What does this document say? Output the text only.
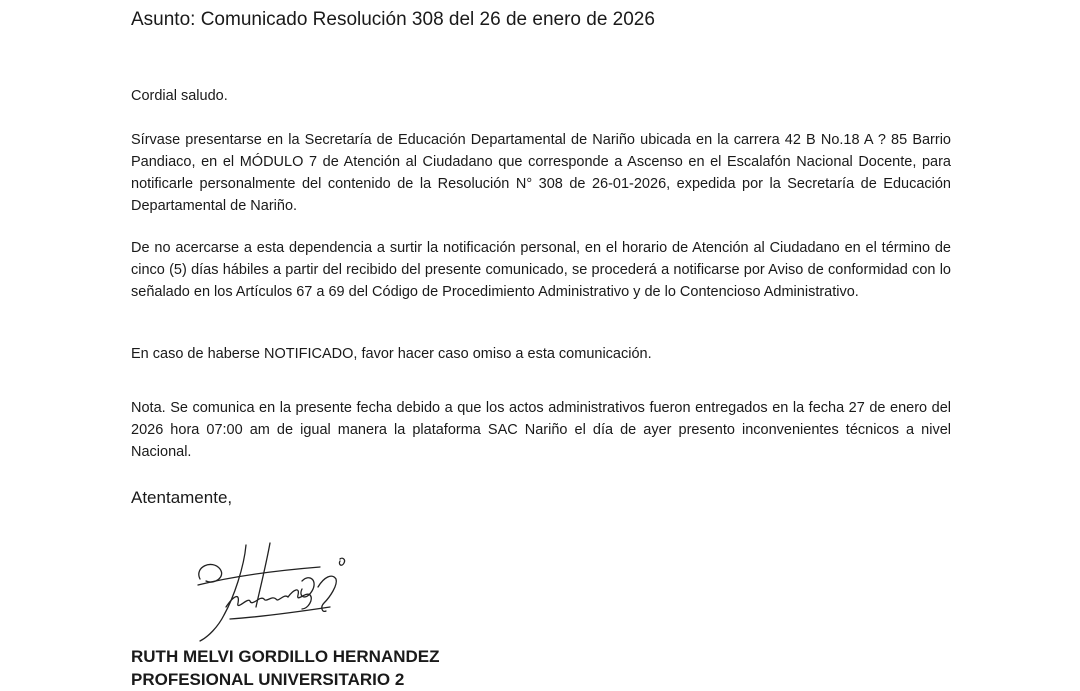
Asunto: Comunicado Resolución 308 del 26 de enero de 2026

Cordial saludo.

Sírvase presentarse en la Secretaría de Educación Departamental de Nariño ubicada en la carrera 42 B No.18 A ? 85 Barrio Pandiaco, en el MÓDULO 7 de Atención al Ciudadano que corresponde a Ascenso en el Escalafón Nacional Docente, para notificarle personalmente del contenido de la Resolución N° 308 de 26-01-2026, expedida por la Secretaría de Educación Departamental de Nariño.

De no acercarse a esta dependencia a surtir la notificación personal, en el horario de Atención al Ciudadano en el término de cinco (5) días hábiles a partir del recibido del presente comunicado, se procederá a notificarse por Aviso de conformidad con lo señalado en los Artículos 67 a 69 del Código de Procedimiento Administrativo y de lo Contencioso Administrativo.

En caso de haberse NOTIFICADO, favor hacer caso omiso a esta comunicación.

Nota. Se comunica en la presente fecha debido a que los actos administrativos fueron entregados en la fecha 27 de enero del 2026 hora 07:00 am de igual manera la plataforma SAC Nariño el día de ayer presento inconvenientes técnicos a nivel Nacional.

Atentamente,

RUTH MELVI GORDILLO HERNANDEZ

PROFESIONAL UNIVERSITARIO 2
